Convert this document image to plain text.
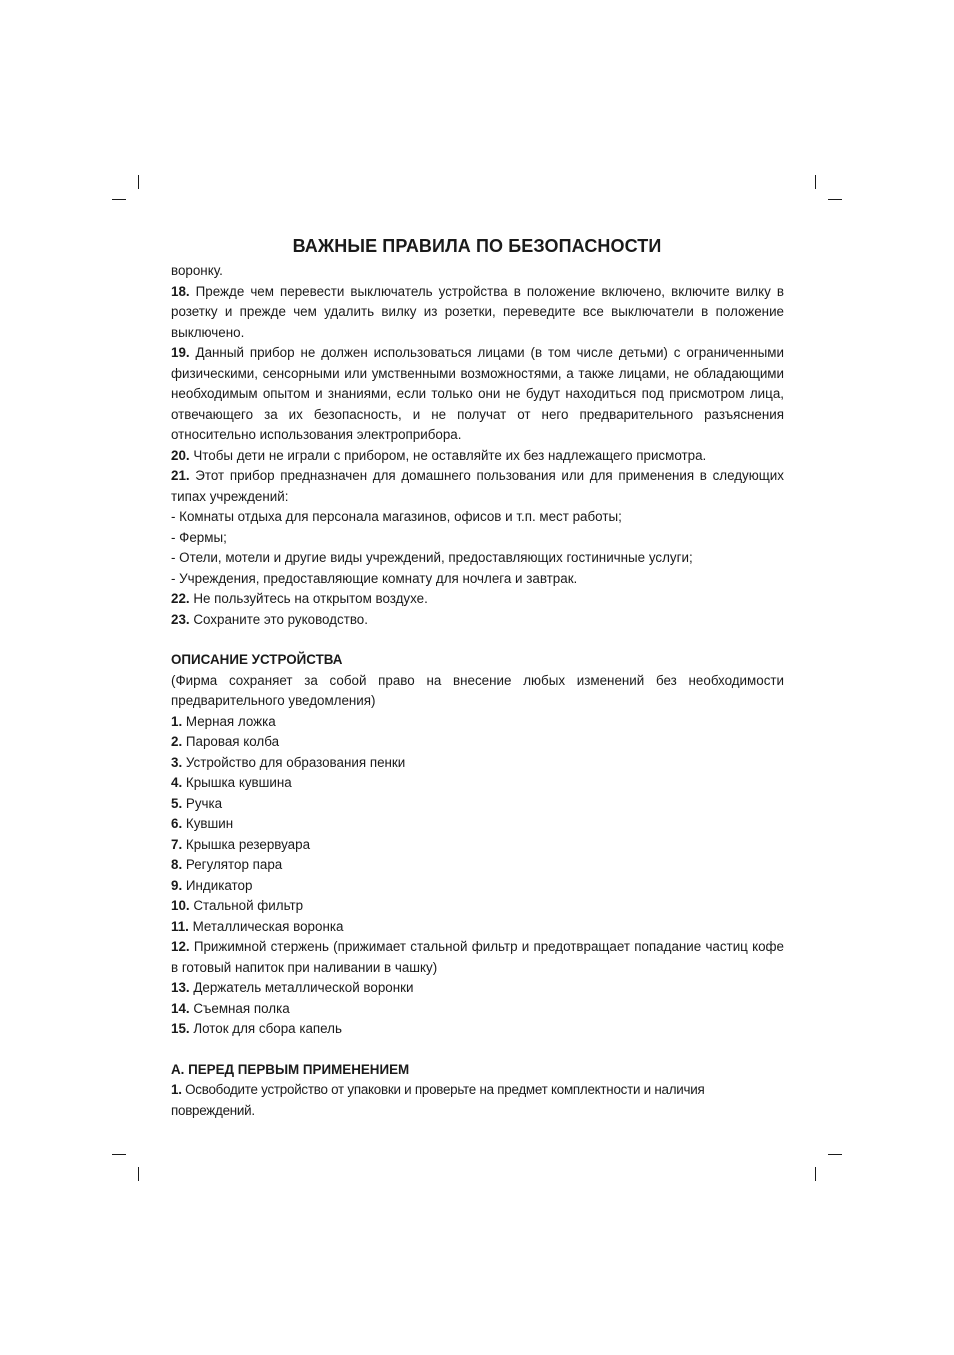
ВАЖНЫЕ ПРАВИЛА ПО БЕЗОПАСНОСТИ

воронку.

18. Прежде чем перевести выключатель устройства в положение включено, включите вилку в розетку и прежде чем удалить вилку из розетки, переведите все выключатели в положение выключено.

19. Данный прибор не должен использоваться лицами (в том числе детьми) с ограниченными физическими, сенсорными или умственными возможностями, а также лицами, не обладающими необходимым опытом и знаниями, если только они не будут находиться под присмотром лица, отвечающего за их безопасность, и не получат от него предварительного разъяснения относительно использования электроприбора.

20. Чтобы дети не играли с прибором, не оставляйте их без надлежащего присмотра.

21. Этот прибор предназначен для домашнего пользования или для применения в следующих типах учреждений:

- Комнаты отдыха для персонала магазинов, офисов и т.п. мест работы;

- Фермы;

- Отели, мотели и другие виды учреждений, предоставляющих гостиничные услуги;

- Учреждения, предоставляющие комнату для ночлега и завтрак.

22. Не пользуйтесь на открытом воздухе.

23. Сохраните это руководство.

ОПИСАНИЕ УСТРОЙСТВА

(Фирма сохраняет за собой право на внесение любых изменений без необходимости предварительного уведомления)

1. Мерная ложка

2. Паровая колба

3. Устройство для образования пенки

4. Крышка кувшина

5. Ручка

6. Кувшин

7. Крышка резервуара

8. Регулятор пара

9. Индикатор

10. Стальной фильтр

11. Металлическая воронка

12. Прижимной стержень (прижимает стальной фильтр и предотвращает попадание частиц кофе в готовый напиток при наливании в чашку)

13. Держатель металлической воронки

14. Съемная полка

15. Лоток для сбора капель

А. ПЕРЕД ПЕРВЫМ ПРИМЕНЕНИЕМ

1. Освободите устройство от упаковки и проверьте на предмет комплектности и наличия повреждений.
